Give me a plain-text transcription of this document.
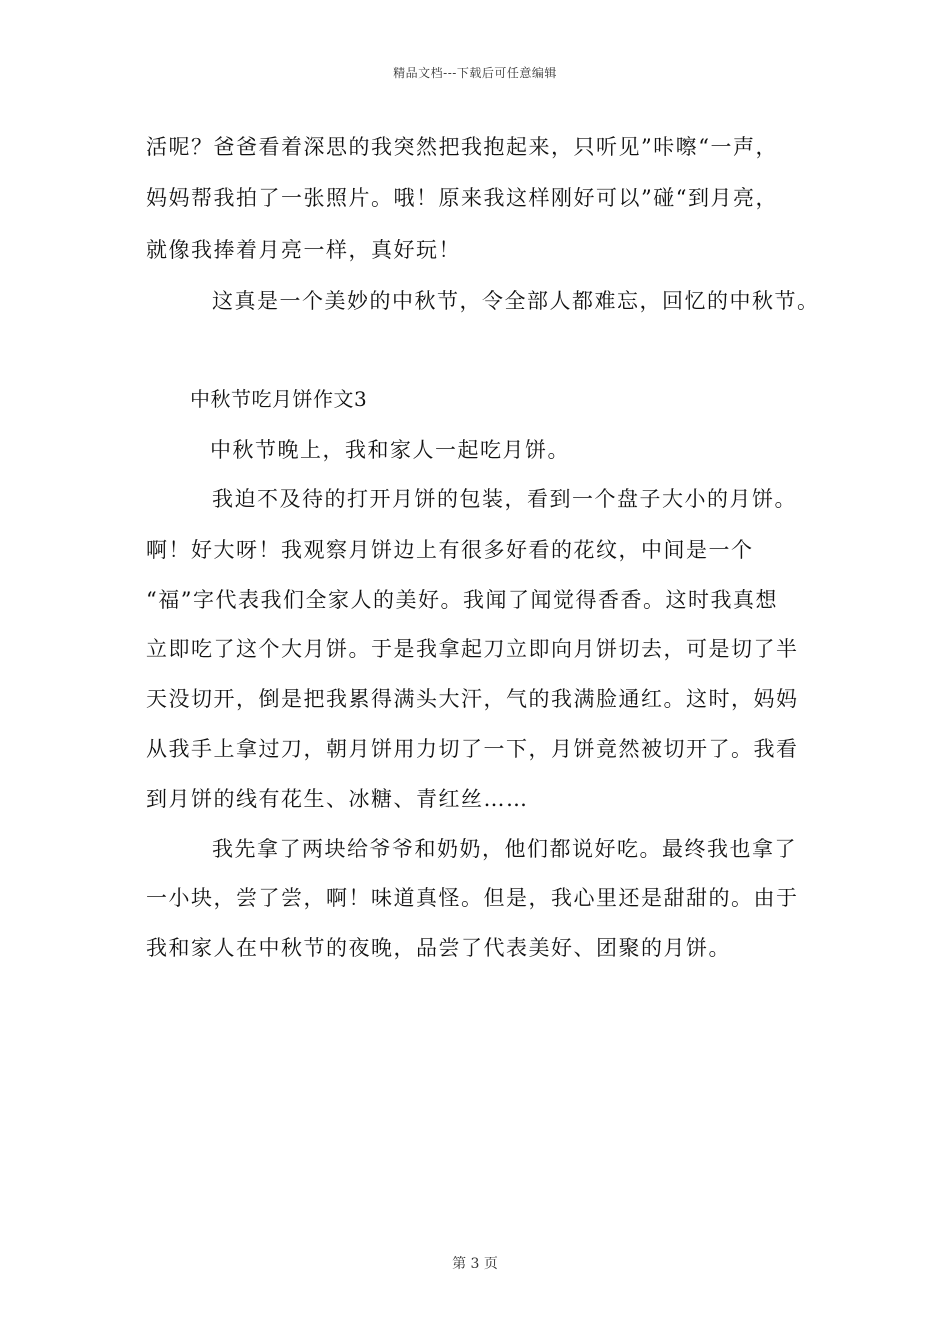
精品文档---下载后可任意编辑
活呢？爸爸看着深思的我突然把我抱起来，只听见”咔嚓“一声，
妈妈帮我拍了一张照片。哦！原来我这样刚好可以”碰“到月亮，
就像我捧着月亮一样，真好玩！
这真是一个美妙的中秋节，令全部人都难忘，回忆的中秋节。
中秋节吃月饼作文3
中秋节晚上，我和家人一起吃月饼。
我迫不及待的打开月饼的包装，看到一个盘子大小的月饼。
啊！好大呀！我观察月饼边上有很多好看的花纹，中间是一个
“福”字代表我们全家人的美好。我闻了闻觉得香香。这时我真想
立即吃了这个大月饼。于是我拿起刀立即向月饼切去，可是切了半
天没切开，倒是把我累得满头大汗，气的我满脸通红。这时，妈妈
从我手上拿过刀，朝月饼用力切了一下，月饼竟然被切开了。我看
到月饼的线有花生、冰糖、青红丝……
我先拿了两块给爷爷和奶奶，他们都说好吃。最终我也拿了
一小块，尝了尝，啊！味道真怪。但是，我心里还是甜甜的。由于
我和家人在中秋节的夜晚，品尝了代表美好、团聚的月饼。
第 3 页
